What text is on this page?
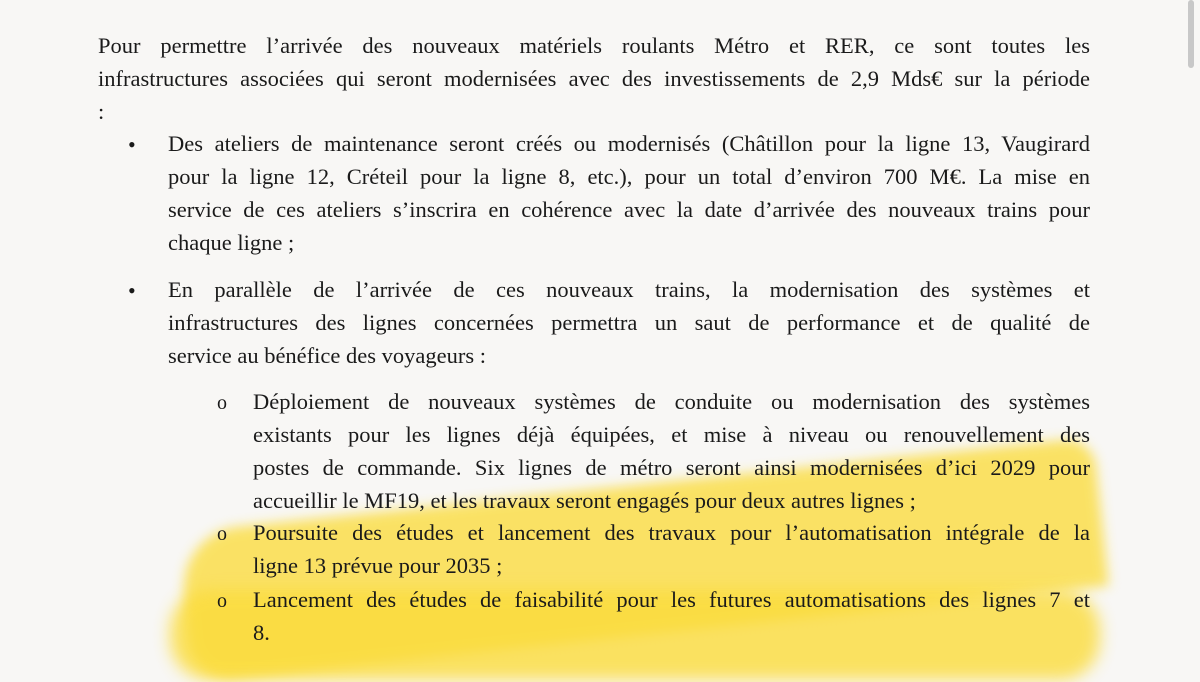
Pour permettre l’arrivée des nouveaux matériels roulants Métro et RER, ce sont toutes les
infrastructures associées qui seront modernisées avec des investissements de 2,9 Mds€ sur la période
:
• Des ateliers de maintenance seront créés ou modernisés (Châtillon pour la ligne 13, Vaugirard
pour la ligne 12, Créteil pour la ligne 8, etc.), pour un total d’environ 700 M€. La mise en
service de ces ateliers s’inscrira en cohérence avec la date d’arrivée des nouveaux trains pour
chaque ligne ;
• En parallèle de l’arrivée de ces nouveaux trains, la modernisation des systèmes et
infrastructures des lignes concernées permettra un saut de performance et de qualité de
service au bénéfice des voyageurs :
o Déploiement de nouveaux systèmes de conduite ou modernisation des systèmes
existants pour les lignes déjà équipées, et mise à niveau ou renouvellement des
postes de commande. Six lignes de métro seront ainsi modernisées d’ici 2029 pour
accueillir le MF19, et les travaux seront engagés pour deux autres lignes ;
o Poursuite des études et lancement des travaux pour l’automatisation intégrale de la
ligne 13 prévue pour 2035 ;
o Lancement des études de faisabilité pour les futures automatisations des lignes 7 et
8.
